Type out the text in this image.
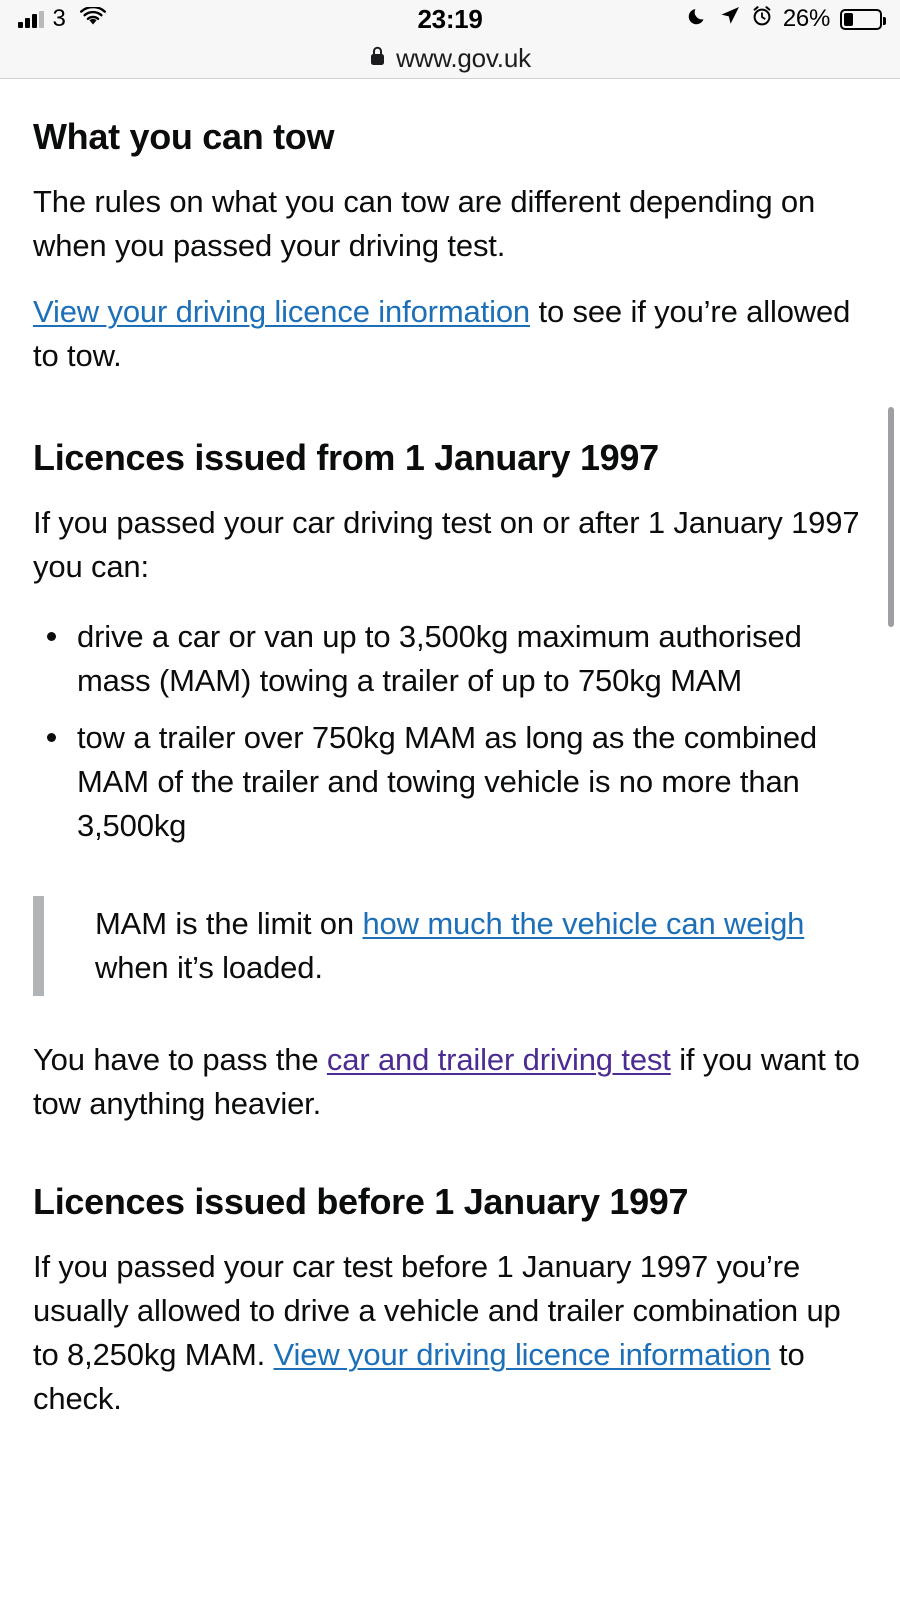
3	23:19	26%
www.gov.uk
What you can tow

The rules on what you can tow are different depending on when you passed your driving test.

View your driving licence information to see if you’re allowed to tow.

Licences issued from 1 January 1997

If you passed your car driving test on or after 1 January 1997 you can:

drive a car or van up to 3,500kg maximum authorised mass (MAM) towing a trailer of up to 750kg MAM
tow a trailer over 750kg MAM as long as the combined MAM of the trailer and towing vehicle is no more than 3,500kg

MAM is the limit on how much the vehicle can weigh when it’s loaded.

You have to pass the car and trailer driving test if you want to tow anything heavier.

Licences issued before 1 January 1997

If you passed your car test before 1 January 1997 you’re usually allowed to drive a vehicle and trailer combination up to 8,250kg MAM. View your driving licence information to check.
